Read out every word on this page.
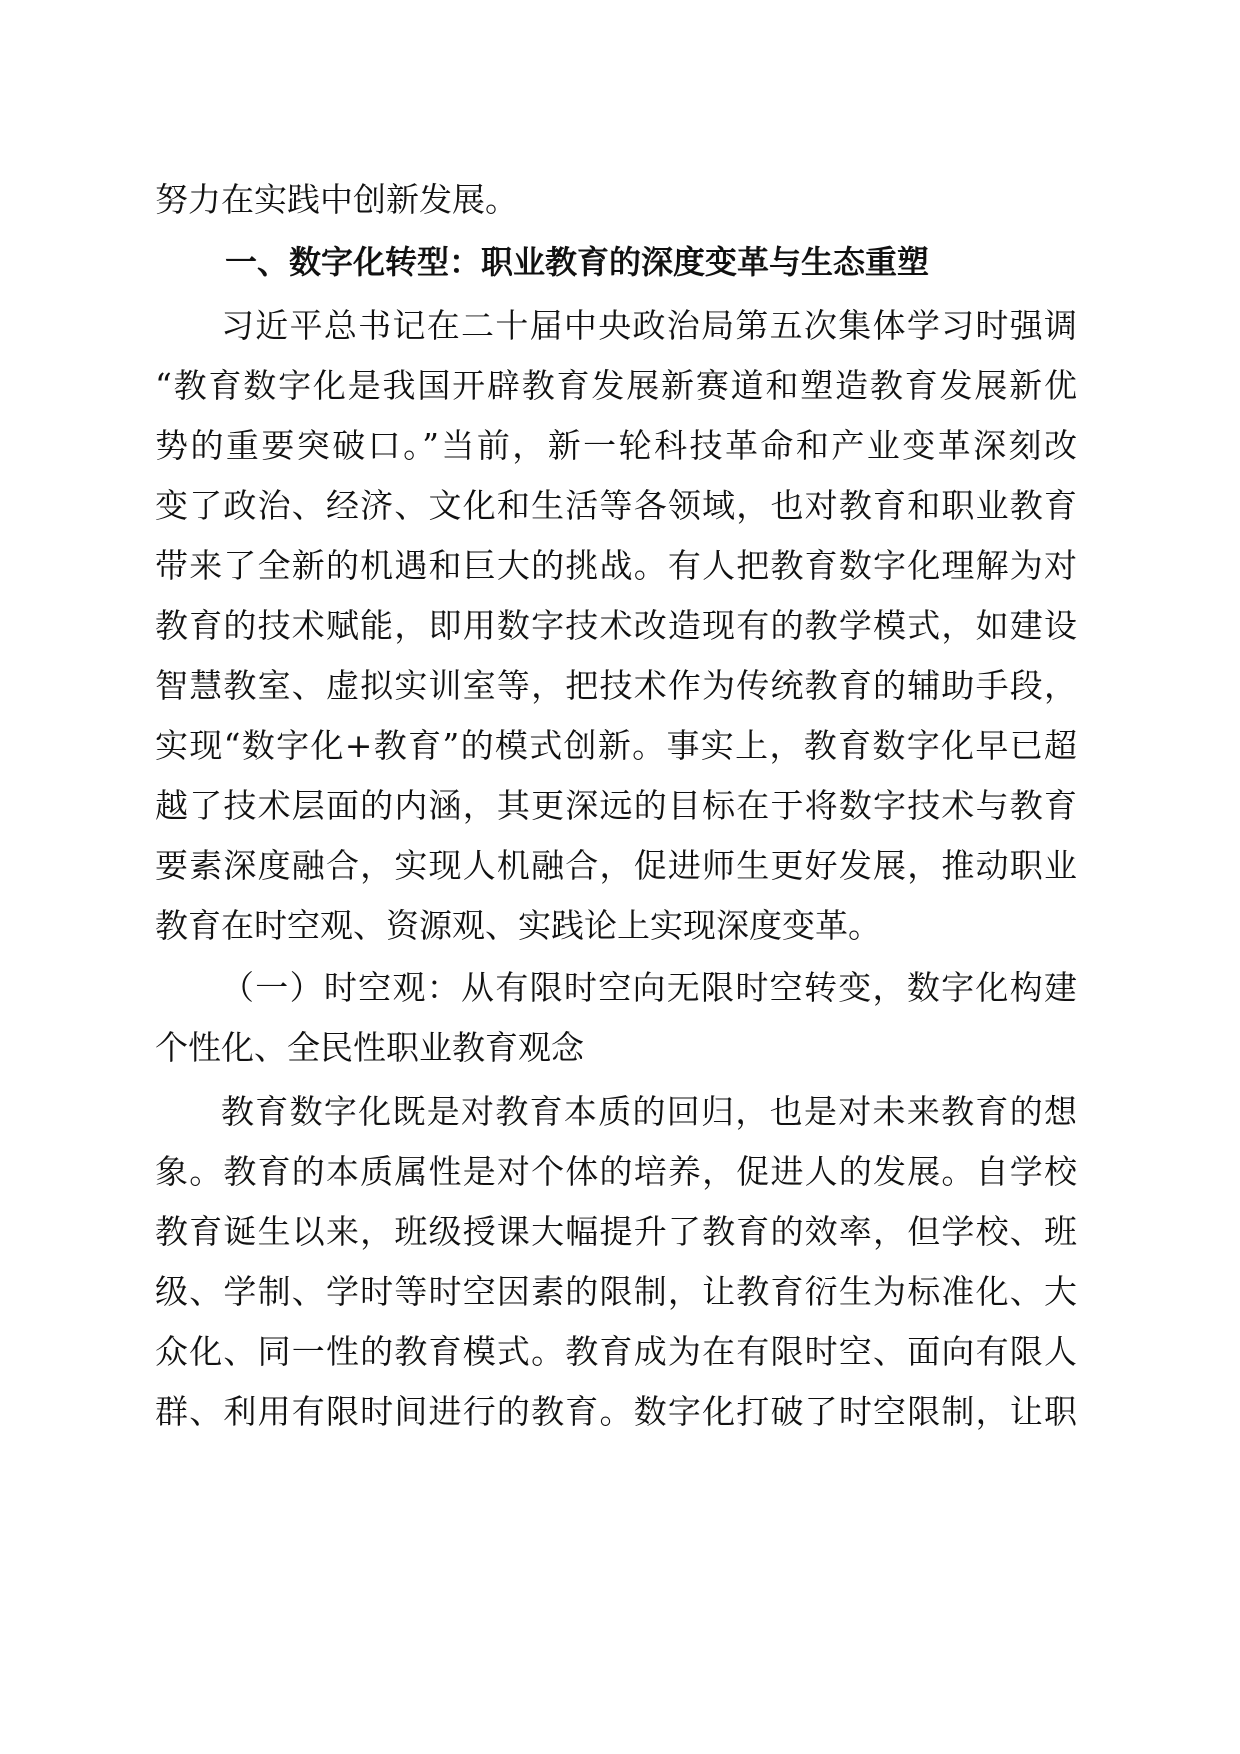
努力在实践中创新发展。
一、数字化转型：职业教育的深度变革与生态重塑
习近平总书记在二十届中央政治局第五次集体学习时强调
“教育数字化是我国开辟教育发展新赛道和塑造教育发展新优
势的重要突破口。”当前，新一轮科技革命和产业变革深刻改
变了政治、经济、文化和生活等各领域，也对教育和职业教育
带来了全新的机遇和巨大的挑战。有人把教育数字化理解为对
教育的技术赋能，即用数字技术改造现有的教学模式，如建设
智慧教室、虚拟实训室等，把技术作为传统教育的辅助手段，
实现“数字化+教育”的模式创新。事实上，教育数字化早已超
越了技术层面的内涵，其更深远的目标在于将数字技术与教育
要素深度融合，实现人机融合，促进师生更好发展，推动职业
教育在时空观、资源观、实践论上实现深度变革。
（一）时空观：从有限时空向无限时空转变，数字化构建
个性化、全民性职业教育观念
教育数字化既是对教育本质的回归，也是对未来教育的想
象。教育的本质属性是对个体的培养，促进人的发展。自学校
教育诞生以来，班级授课大幅提升了教育的效率，但学校、班
级、学制、学时等时空因素的限制，让教育衍生为标准化、大
众化、同一性的教育模式。教育成为在有限时空、面向有限人
群、利用有限时间进行的教育。数字化打破了时空限制，让职
